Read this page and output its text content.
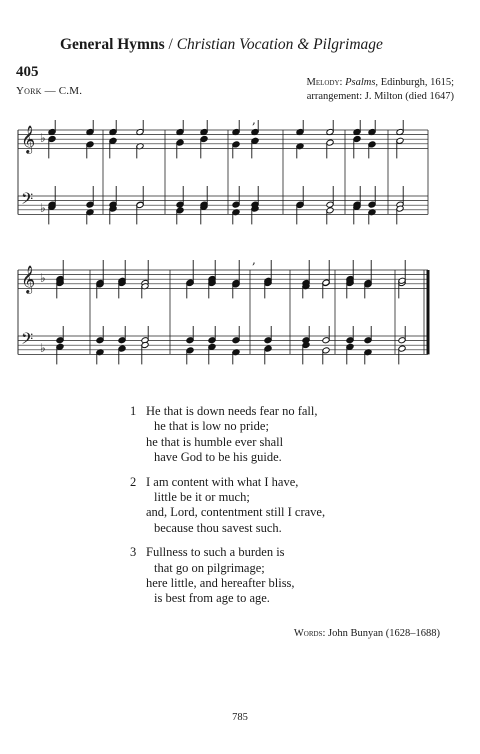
General Hymns / Christian Vocation & Pilgrimage
405
York — C.M.
Melody: Psalms, Edinburgh, 1615;
arrangement: J. Milton (died 1647)
𝄞 ♭
𝄢 ♭
,
𝄞 ♭
𝄢 ♭
,
1 He that is down needs fear no fall,
he that is low no pride;
he that is humble ever shall
have God to be his guide.
2 I am content with what I have,
little be it or much;
and, Lord, contentment still I crave,
because thou savest such.
3 Fullness to such a burden is
that go on pilgrimage;
here little, and hereafter bliss,
is best from age to age.
Words: John Bunyan (1628–1688)
785
